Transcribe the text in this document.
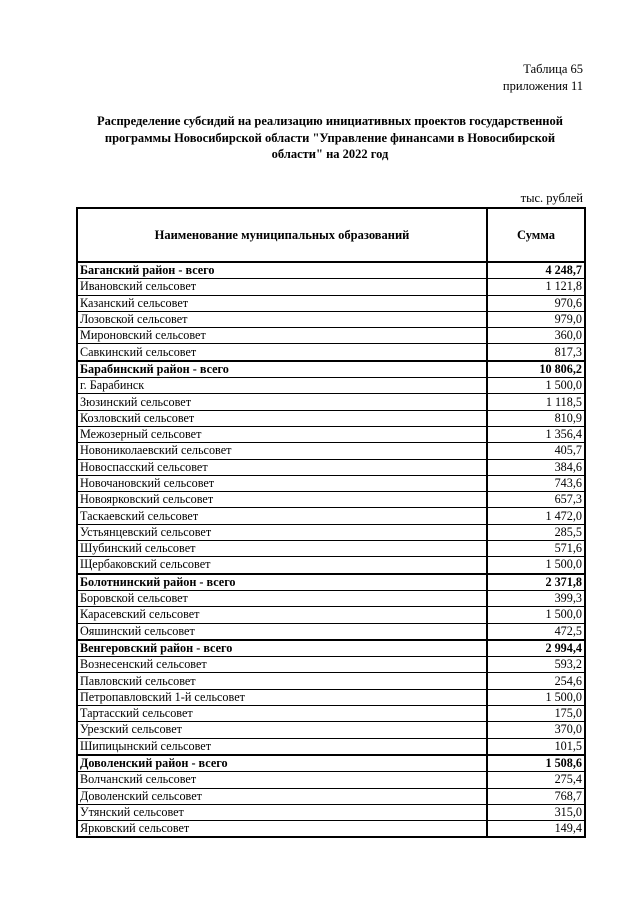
Таблица 65
приложения 11
Распределение субсидий на реализацию инициативных проектов государственной программы Новосибирской области "Управление финансами в Новосибирской области" на 2022 год
тыс. рублей
Наименование муниципальных образований	Сумма
Баганский район - всего	4 248,7
Ивановский сельсовет	1 121,8
Казанский сельсовет	970,6
Лозовской сельсовет	979,0
Мироновский сельсовет	360,0
Савкинский сельсовет	817,3
Барабинский район - всего	10 806,2
г. Барабинск	1 500,0
Зюзинский сельсовет	1 118,5
Козловский сельсовет	810,9
Межозерный сельсовет	1 356,4
Новониколаевский сельсовет	405,7
Новоспасский сельсовет	384,6
Новочановский сельсовет	743,6
Новоярковский сельсовет	657,3
Таскаевский сельсовет	1 472,0
Устьянцевский сельсовет	285,5
Шубинский сельсовет	571,6
Щербаковский сельсовет	1 500,0
Болотнинский район - всего	2 371,8
Боровской сельсовет	399,3
Карасевский сельсовет	1 500,0
Ояшинский сельсовет	472,5
Венгеровский район - всего	2 994,4
Вознесенский сельсовет	593,2
Павловский сельсовет	254,6
Петропавловский 1-й сельсовет	1 500,0
Тартасский сельсовет	175,0
Урезский сельсовет	370,0
Шипицынский сельсовет	101,5
Доволенский район - всего	1 508,6
Волчанский сельсовет	275,4
Доволенский сельсовет	768,7
Утянский сельсовет	315,0
Ярковский сельсовет	149,4
